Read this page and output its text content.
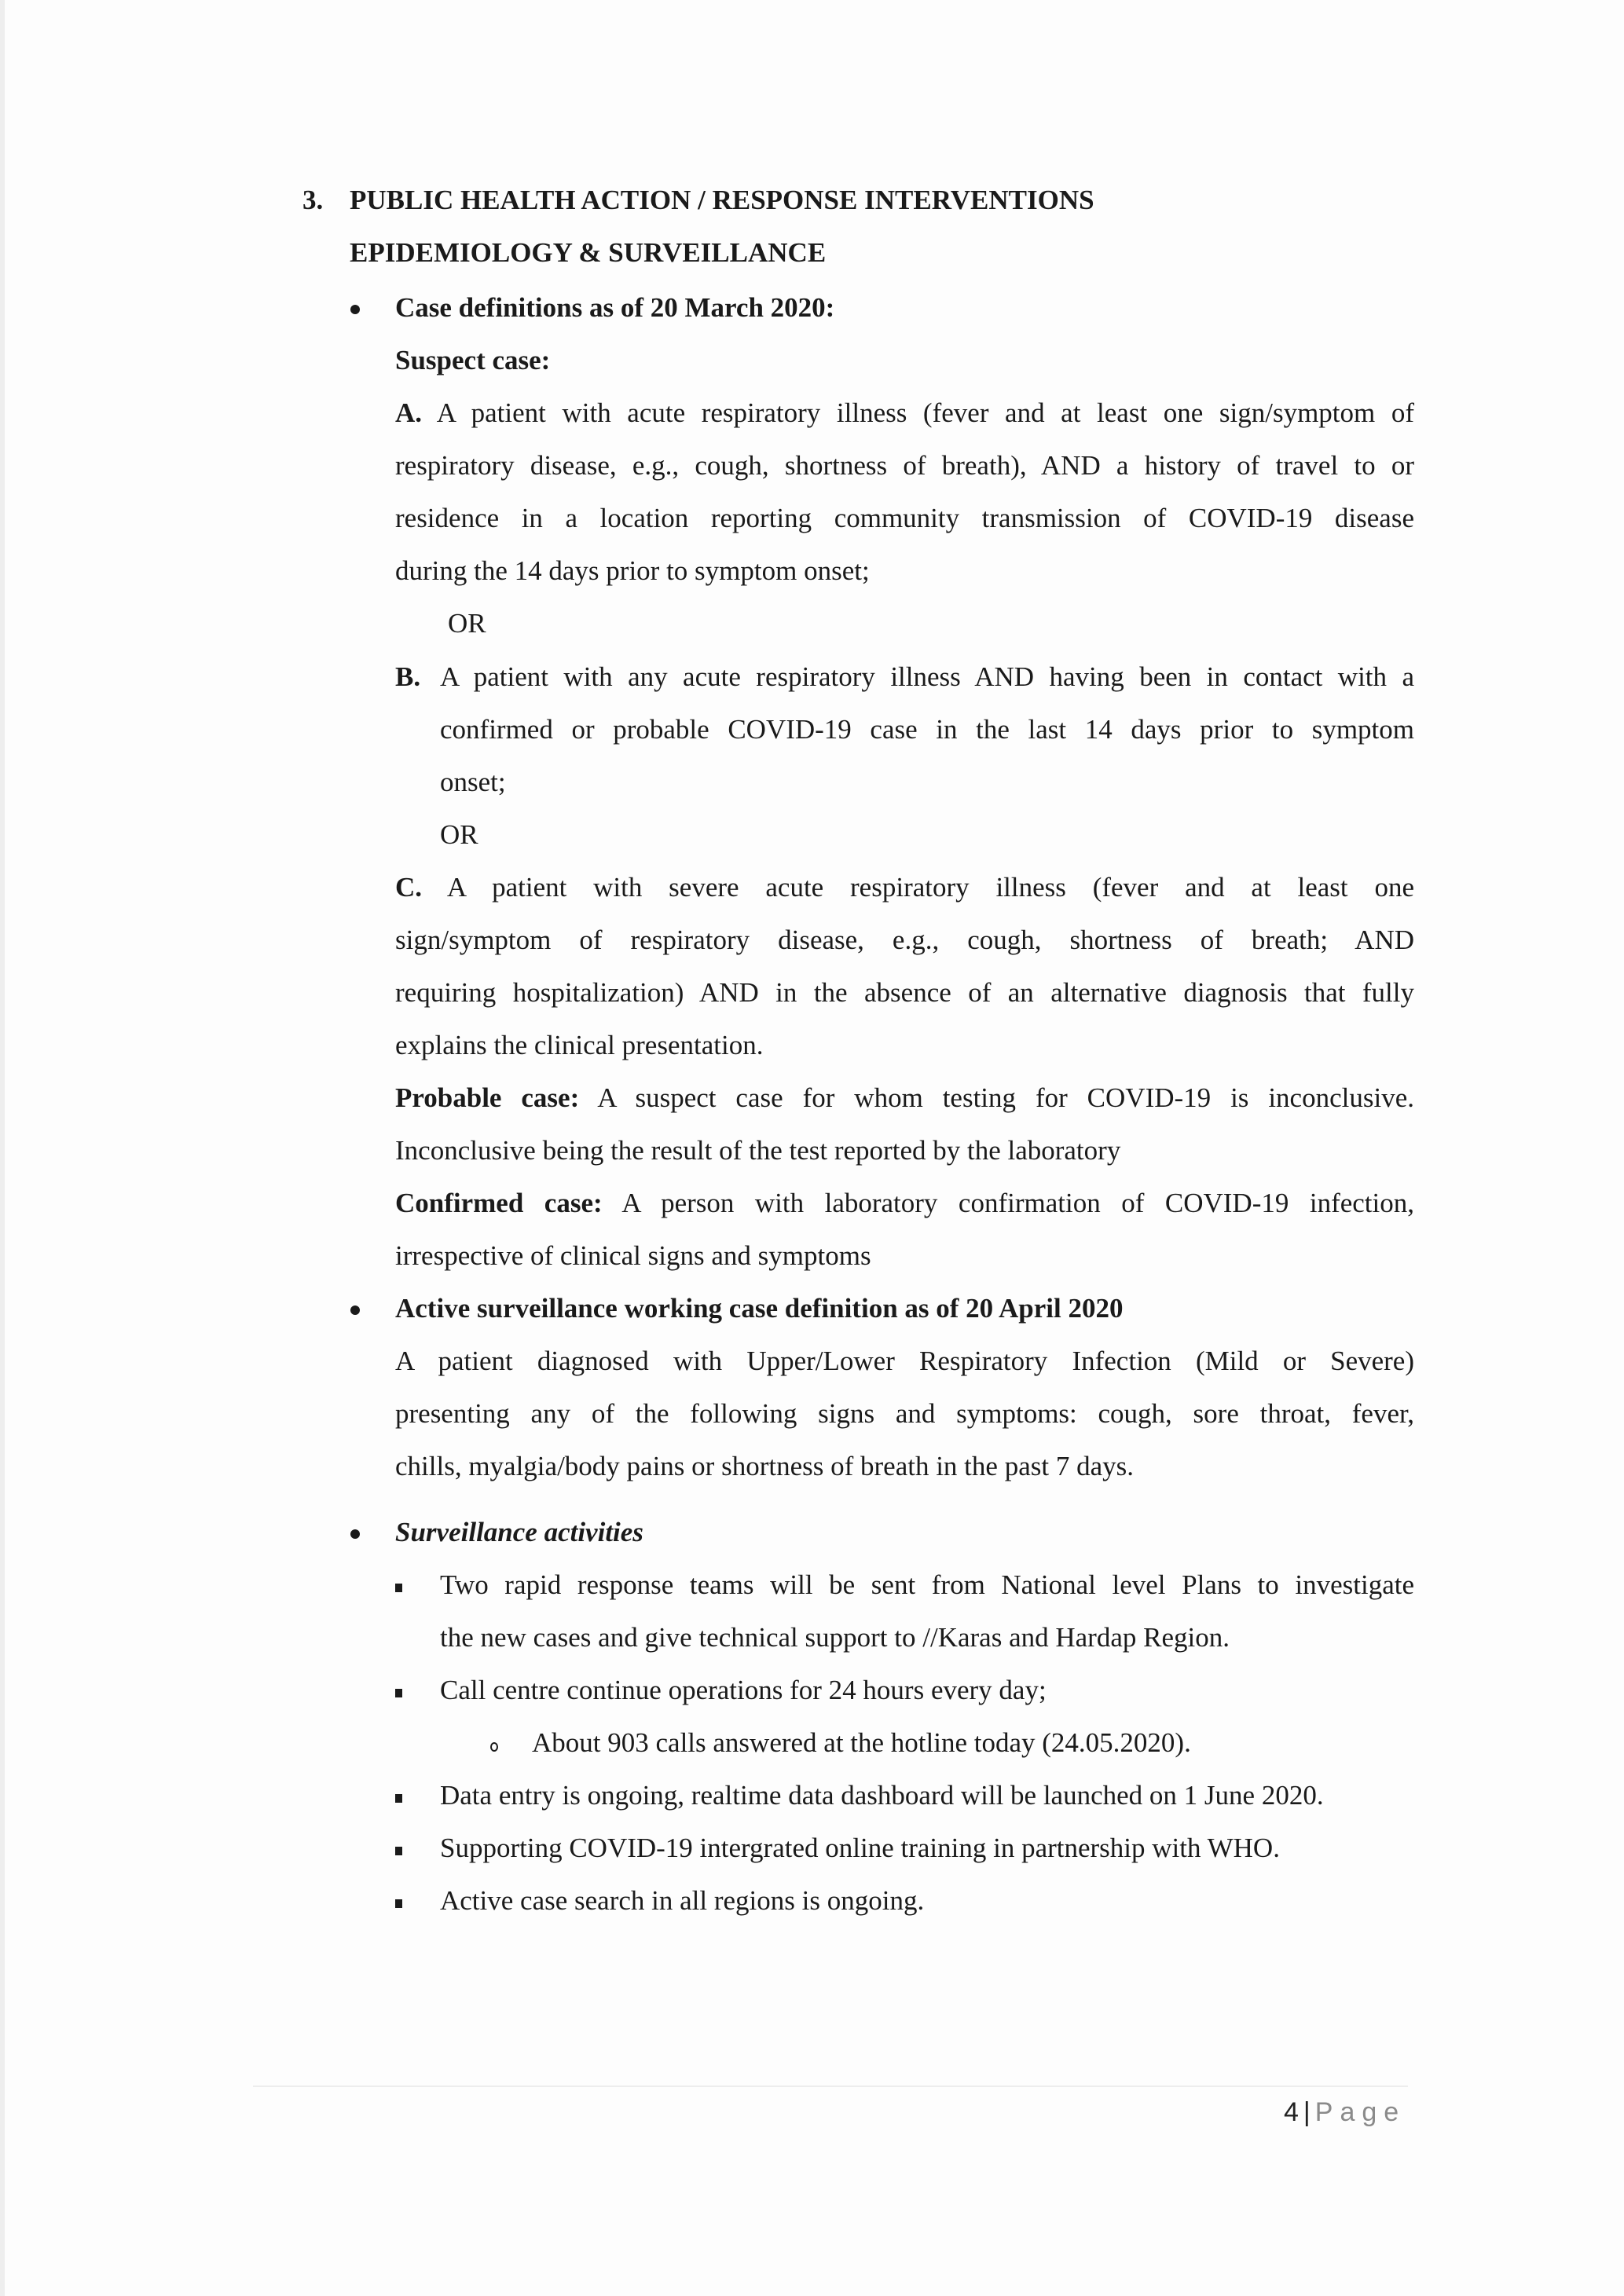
3. PUBLIC HEALTH ACTION / RESPONSE INTERVENTIONS
EPIDEMIOLOGY & SURVEILLANCE
Case definitions as of 20 March 2020:
Suspect case:
A. A patient with acute respiratory illness (fever and at least one sign/symptom of
respiratory disease, e.g., cough, shortness of breath), AND a history of travel to or
residence in a location reporting community transmission of COVID-19 disease
during the 14 days prior to symptom onset;
OR
B. A patient with any acute respiratory illness AND having been in contact with a
confirmed or probable COVID-19 case in the last 14 days prior to symptom
onset;
OR
C. A patient with severe acute respiratory illness (fever and at least one
sign/symptom of respiratory disease, e.g., cough, shortness of breath; AND
requiring hospitalization) AND in the absence of an alternative diagnosis that fully
explains the clinical presentation.
Probable case: A suspect case for whom testing for COVID-19 is inconclusive.
Inconclusive being the result of the test reported by the laboratory
Confirmed case: A person with laboratory confirmation of COVID-19 infection,
irrespective of clinical signs and symptoms
Active surveillance working case definition as of 20 April 2020
A patient diagnosed with Upper/Lower Respiratory Infection (Mild or Severe)
presenting any of the following signs and symptoms: cough, sore throat, fever,
chills, myalgia/body pains or shortness of breath in the past 7 days.
Surveillance activities
Two rapid response teams will be sent from National level Plans to investigate
the new cases and give technical support to //Karas and Hardap Region.
Call centre continue operations for 24 hours every day;
About 903 calls answered at the hotline today (24.05.2020).
Data entry is ongoing, realtime data dashboard will be launched on 1 June 2020.
Supporting COVID-19 intergrated online training in partnership with WHO.
Active case search in all regions is ongoing.
4 | Page
